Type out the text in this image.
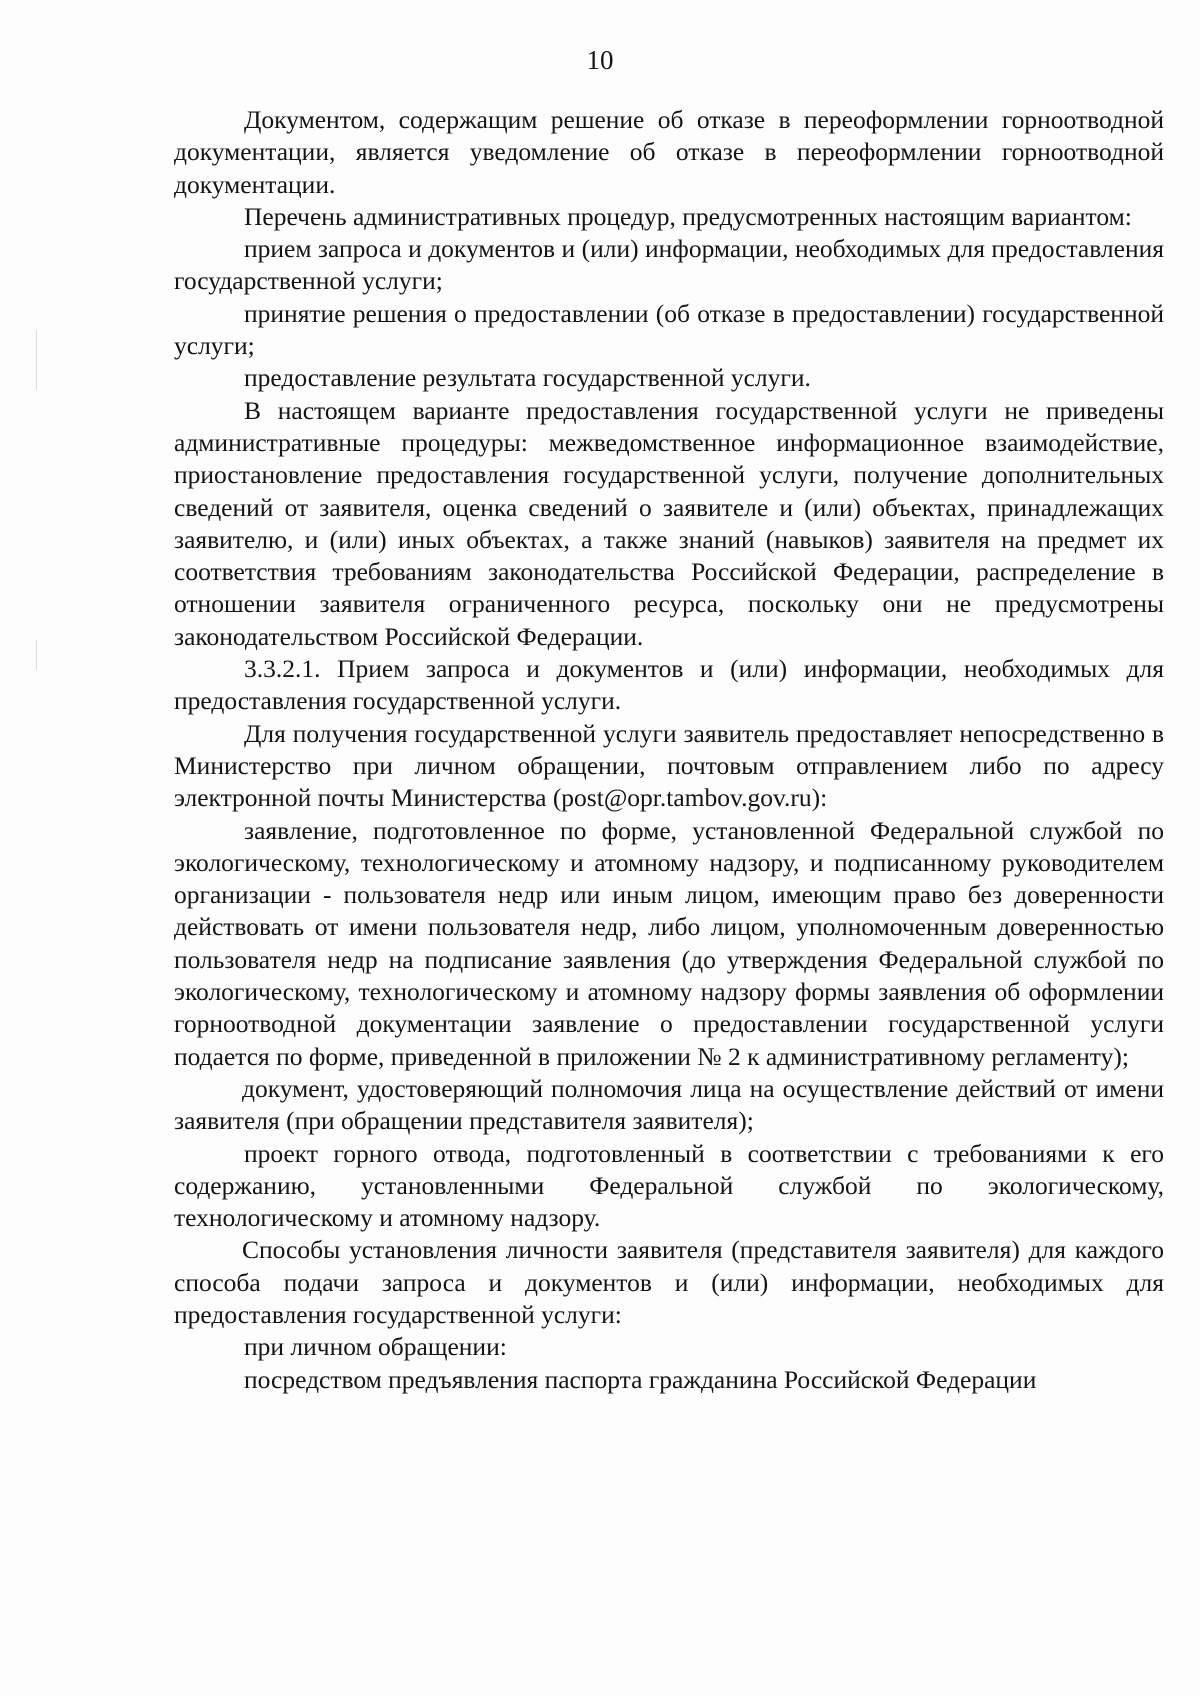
10

Документом, содержащим решение об отказе в переоформлении горноотводной документации, является уведомление об отказе в переоформлении горноотводной документации.

Перечень административных процедур, предусмотренных настоящим вариантом:

прием запроса и документов и (или) информации, необходимых для предоставления государственной услуги;

принятие решения о предоставлении (об отказе в предоставлении) государственной услуги;

предоставление результата государственной услуги.

В настоящем варианте предоставления государственной услуги не приведены административные процедуры: межведомственное информационное взаимодействие, приостановление предоставления государственной услуги, получение дополнительных сведений от заявителя, оценка сведений о заявителе и (или) объектах, принадлежащих заявителю, и (или) иных объектах, а также знаний (навыков) заявителя на предмет их соответствия требованиям законодательства Российской Федерации, распределение в отношении заявителя ограниченного ресурса, поскольку они не предусмотрены законодательством Российской Федерации.

3.3.2.1. Прием запроса и документов и (или) информации, необходимых для предоставления государственной услуги.

Для получения государственной услуги заявитель предоставляет непосредственно в Министерство при личном обращении, почтовым отправлением либо по адресу электронной почты Министерства (post@opr.tambov.gov.ru):

заявление, подготовленное по форме, установленной Федеральной службой по экологическому, технологическому и атомному надзору, и подписанному руководителем организации - пользователя недр или иным лицом, имеющим право без доверенности действовать от имени пользователя недр, либо лицом, уполномоченным доверенностью пользователя недр на подписание заявления (до утверждения Федеральной службой по экологическому, технологическому и атомному надзору формы заявления об оформлении горноотводной документации заявление о предоставлении государственной услуги подается по форме, приведенной в приложении № 2 к административному регламенту);

документ, удостоверяющий полномочия лица на осуществление действий от имени заявителя (при обращении представителя заявителя);

проект горного отвода, подготовленный в соответствии с требованиями к его содержанию, установленными Федеральной службой по экологическому, технологическому и атомному надзору.

Способы установления личности заявителя (представителя заявителя) для каждого способа подачи запроса и документов и (или) информации, необходимых для предоставления государственной услуги:

при личном обращении:

посредством предъявления паспорта гражданина Российской Федерации
